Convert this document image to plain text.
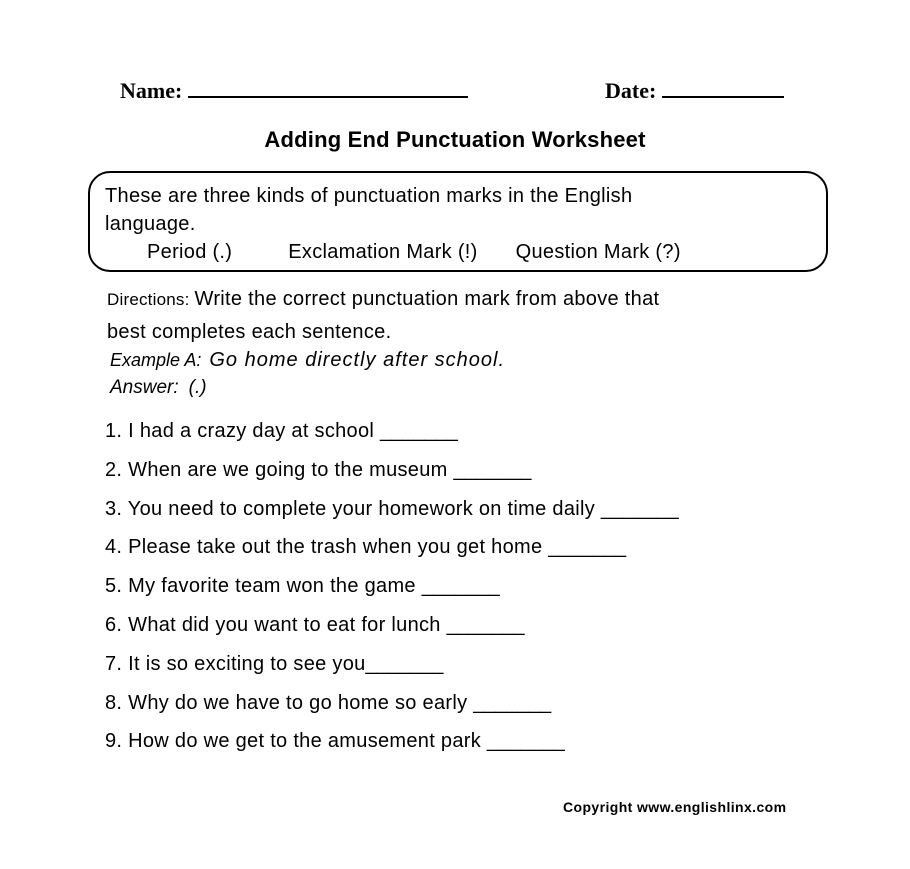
Name:	Date:
Adding End Punctuation Worksheet
These are three kinds of punctuation marks in the English
language.
Period (.)	Exclamation Mark (!) Question Mark (?)
Directions: Write the correct punctuation mark from above that
best completes each sentence.
Example A: Go home directly after school.
Answer: (.)
1. I had a crazy day at school _______
2. When are we going to the museum _______
3. You need to complete your homework on time daily _______
4. Please take out the trash when you get home _______
5. My favorite team won the game _______
6. What did you want to eat for lunch _______
7. It is so exciting to see you_______
8. Why do we have to go home so early _______
9. How do we get to the amusement park _______
Copyright www.englishlinx.com
